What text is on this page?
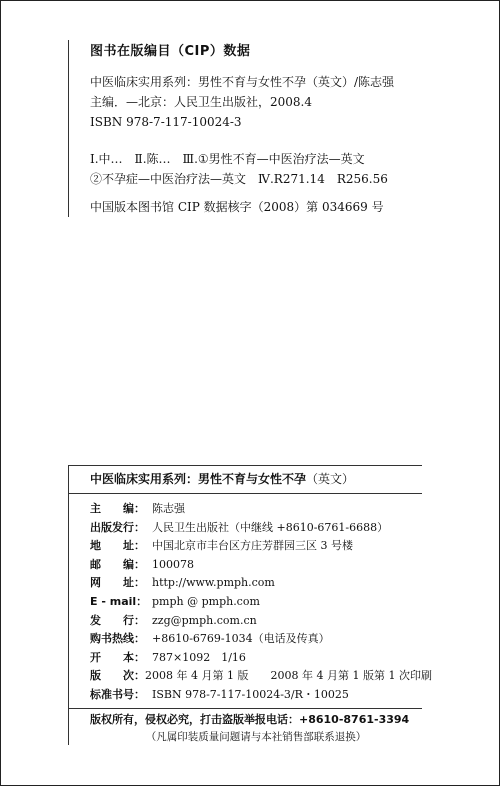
图书在版编目（CIP）数据

中医临床实用系列：男性不育与女性不孕（英文）/陈志强

主编．—北京：人民卫生出版社，2008.4

ISBN 978-7-117-10024-3

Ⅰ.中…　Ⅱ.陈…　Ⅲ.①男性不育—中医治疗法—英文

②不孕症—中医治疗法—英文　Ⅳ.R271.14　R256.56

中国版本图书馆 CIP 数据核字（2008）第 034669 号

中医临床实用系列：男性不育与女性不孕（英文）
主　　编： 陈志强
出版发行： 人民卫生出版社（中继线 +8610-6761-6688）
地　　址： 中国北京市丰台区方庄芳群园三区 3 号楼
邮　　编： 100078
网　　址： http://www.pmph.com
E - mail： pmph @ pmph.com
发　　行： zzg@pmph.com.cn
购书热线： +8610-6769-1034（电话及传真）
开　　本： 787×1092　1/16
版　　次： 2008 年 4 月第 1 版　　2008 年 4 月第 1 版第 1 次印刷
标准书号： ISBN 978-7-117-10024-3/R・10025
版权所有，侵权必究，打击盗版举报电话：+8610-8761-3394
（凡属印装质量问题请与本社销售部联系退换）
